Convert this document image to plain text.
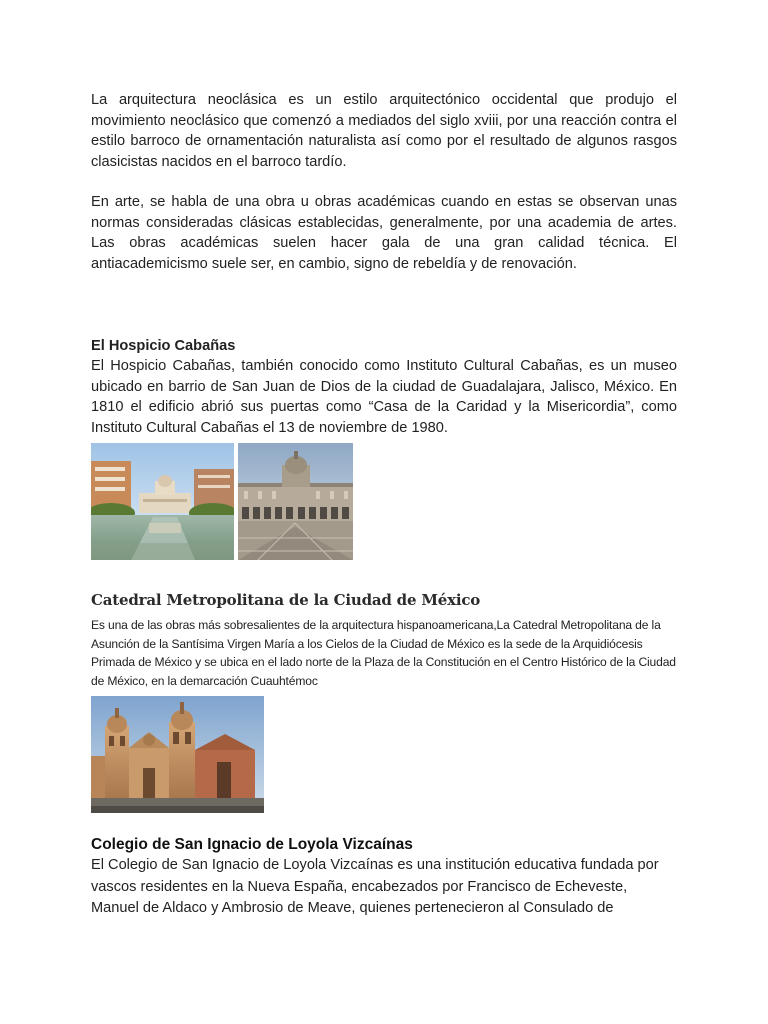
La arquitectura neoclásica es un estilo arquitectónico occidental que produjo el movimiento neoclásico que comenzó a mediados del siglo xviii, por una reacción contra el estilo barroco de ornamentación naturalista así como por el resultado de algunos rasgos clasicistas nacidos en el barroco tardío.

En arte, se habla de una obra u obras académicas cuando en estas se observan unas normas consideradas clásicas establecidas, generalmente, por una academia de artes. Las obras académicas suelen hacer gala de una gran calidad técnica. El antiacademicismo suele ser, en cambio, signo de rebeldía y de renovación.

El Hospicio Cabañas

El Hospicio Cabañas, también conocido como Instituto Cultural Cabañas, es un museo ubicado en barrio de San Juan de Dios de la ciudad de Guadalajara, Jalisco, México. En 1810 el edificio abrió sus puertas como “Casa de la Caridad y la Misericordia”, como Instituto Cultural Cabañas el 13 de noviembre de 1980.

Catedral Metropolitana de la Ciudad de México

Es una de las obras más sobresalientes de la arquitectura hispanoamericana,La Catedral Metropolitana de la Asunción de la Santísima Virgen María a los Cielos de la Ciudad de México es la sede de la Arquidiócesis Primada de México y se ubica en el lado norte de la Plaza de la Constitución en el Centro Histórico de la Ciudad de México, en la demarcación Cuauhtémoc

Colegio de San Ignacio de Loyola Vizcaínas

El Colegio de San Ignacio de Loyola Vizcaínas es una institución educativa fundada por vascos residentes en la Nueva España, encabezados por Francisco de Echeveste, Manuel de Aldaco y Ambrosio de Meave, quienes pertenecieron al Consulado de
